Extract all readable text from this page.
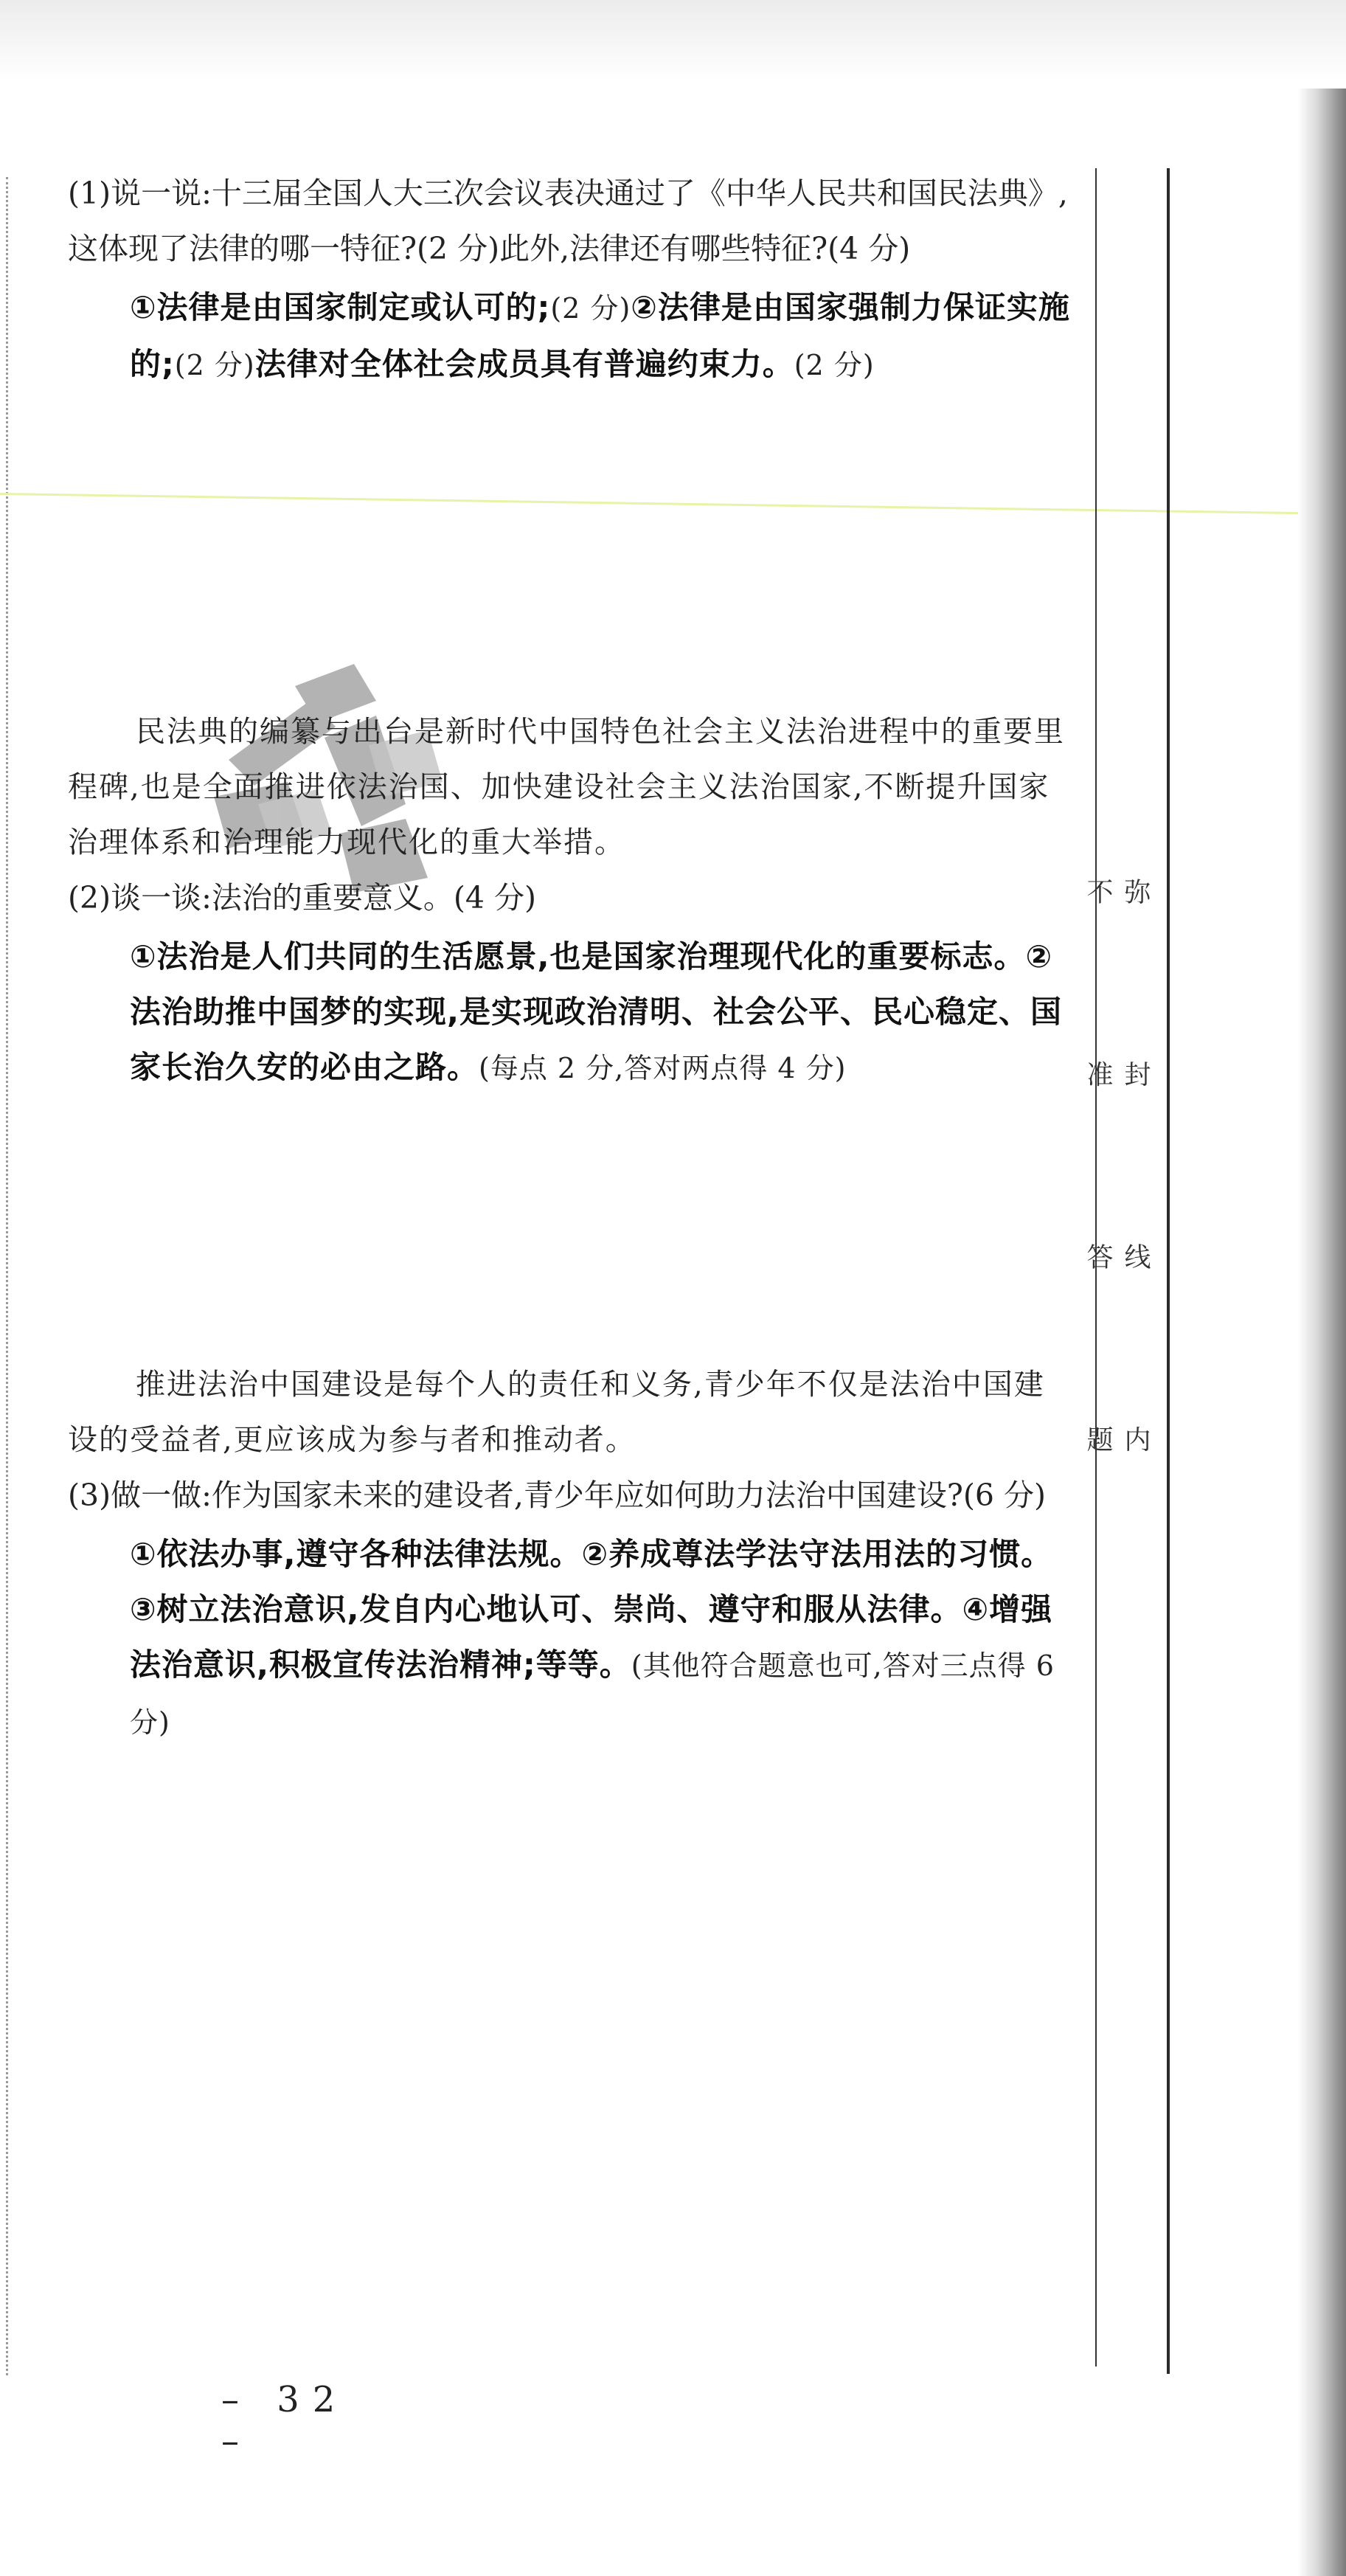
弥 封 线 内 不 准 答 题

(1)说一说:十三届全国人大三次会议表决通过了《中华人民共和国民法典》,这体现了法律的哪一特征?(2 分)此外,法律还有哪些特征?(4 分)

①法律是由国家制定或认可的;(2 分)②法律是由国家强制力保证实施的;(2 分)法律对全体社会成员具有普遍约束力。(2 分)

民法典的编纂与出台是新时代中国特色社会主义法治进程中的重要里程碑,也是全面推进依法治国、加快建设社会主义法治国家,不断提升国家治理体系和治理能力现代化的重大举措。

(2)谈一谈:法治的重要意义。(4 分)

①法治是人们共同的生活愿景,也是国家治理现代化的重要标志。②法治助推中国梦的实现,是实现政治清明、社会公平、民心稳定、国家长治久安的必由之路。(每点 2 分,答对两点得 4 分)

推进法治中国建设是每个人的责任和义务,青少年不仅是法治中国建设的受益者,更应该成为参与者和推动者。

(3)做一做:作为国家未来的建设者,青少年应如何助力法治中国建设?(6 分)

①依法办事,遵守各种法律法规。②养成尊法学法守法用法的习惯。③树立法治意识,发自内心地认可、崇尚、遵守和服从法律。④增强法治意识,积极宣传法治精神;等等。(其他符合题意也可,答对三点得 6 分)

– 32 –
